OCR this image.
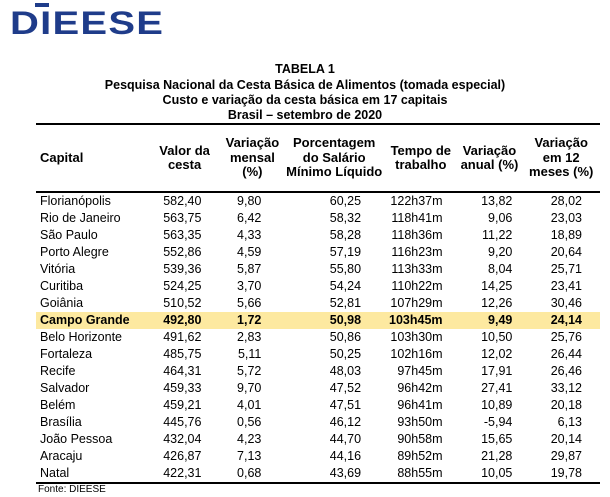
DIEESE
TABELA 1
Pesquisa Nacional da Cesta Básica de Alimentos (tomada especial)
Custo e variação da cesta básica em 17 capitais
Brasil – setembro de 2020
Capital	Valor da cesta	Variação mensal (%)	Porcentagem do Salário Mínimo Líquido	Tempo de trabalho	Variação anual (%)	Variação em 12 meses (%)
Florianópolis	582,40	9,80	60,25	122h37m	13,82	28,02
Rio de Janeiro	563,75	6,42	58,32	118h41m	9,06	23,03
São Paulo	563,35	4,33	58,28	118h36m	11,22	18,89
Porto Alegre	552,86	4,59	57,19	116h23m	9,20	20,64
Vitória	539,36	5,87	55,80	113h33m	8,04	25,71
Curitiba	524,25	3,70	54,24	110h22m	14,25	23,41
Goiânia	510,52	5,66	52,81	107h29m	12,26	30,46
Campo Grande	492,80	1,72	50,98	103h45m	9,49	24,14
Belo Horizonte	491,62	2,83	50,86	103h30m	10,50	25,76
Fortaleza	485,75	5,11	50,25	102h16m	12,02	26,44
Recife	464,31	5,72	48,03	97h45m	17,91	26,46
Salvador	459,33	9,70	47,52	96h42m	27,41	33,12
Belém	459,21	4,01	47,51	96h41m	10,89	20,18
Brasília	445,76	0,56	46,12	93h50m	-5,94	6,13
João Pessoa	432,04	4,23	44,70	90h58m	15,65	20,14
Aracaju	426,87	7,13	44,16	89h52m	21,28	29,87
Natal	422,31	0,68	43,69	88h55m	10,05	19,78
Fonte: DIEESE
